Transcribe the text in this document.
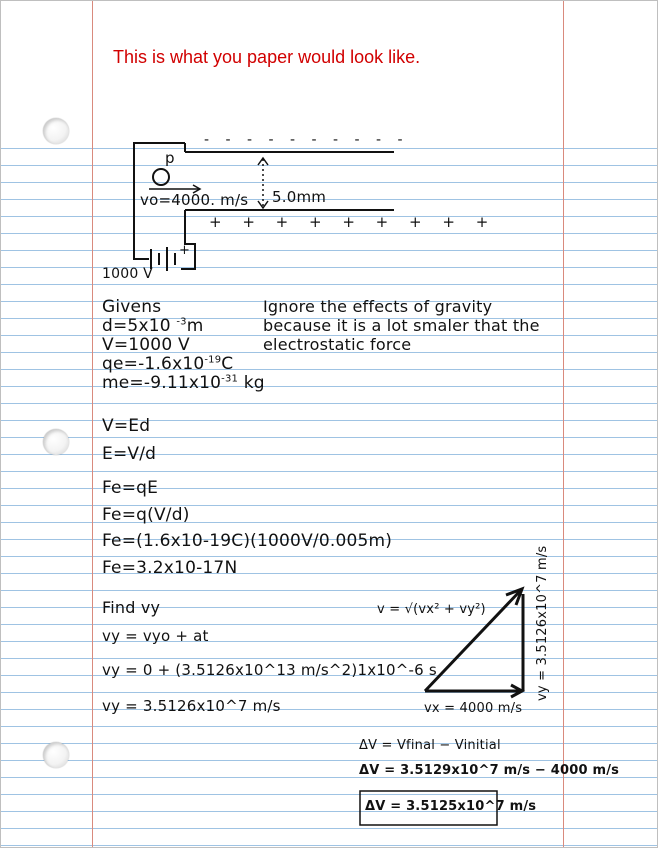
This is what you paper would look like.
- - - - - - - - - -
+ + + + + + + + +
p
vo=4000. m/s 5.0mm
1000 V
+
Givens
d=5x10 $^{-3}$m
V=1000 V
$qe=-1.6x10^{-19}C$
$me=-9.11x10^{-31}$ kg
Ignore the effects of gravity
because it is a lot smaler that the
electrostatic force
V=Ed
E=V/d
Fe=qE
Fe=q(V/d)
Fe=(1.6x10-19C)(1000V/0.005m)
Fe=3.2x10-17N
Find vy
vy = vyo + at
vy = 0 + (3.5126x10^13 m/s^2)1x10^-6 s
vy = 3.5126x10^7 m/s
v = √(vx² + vy²)
vx = 4000 m/s
vy = 3.5126x10^7 m/s
ΔV = Vfinal − Vinitial
ΔV = 3.5129x10^7 m/s − 4000 m/s
ΔV = 3.5125x10^7 m/s
